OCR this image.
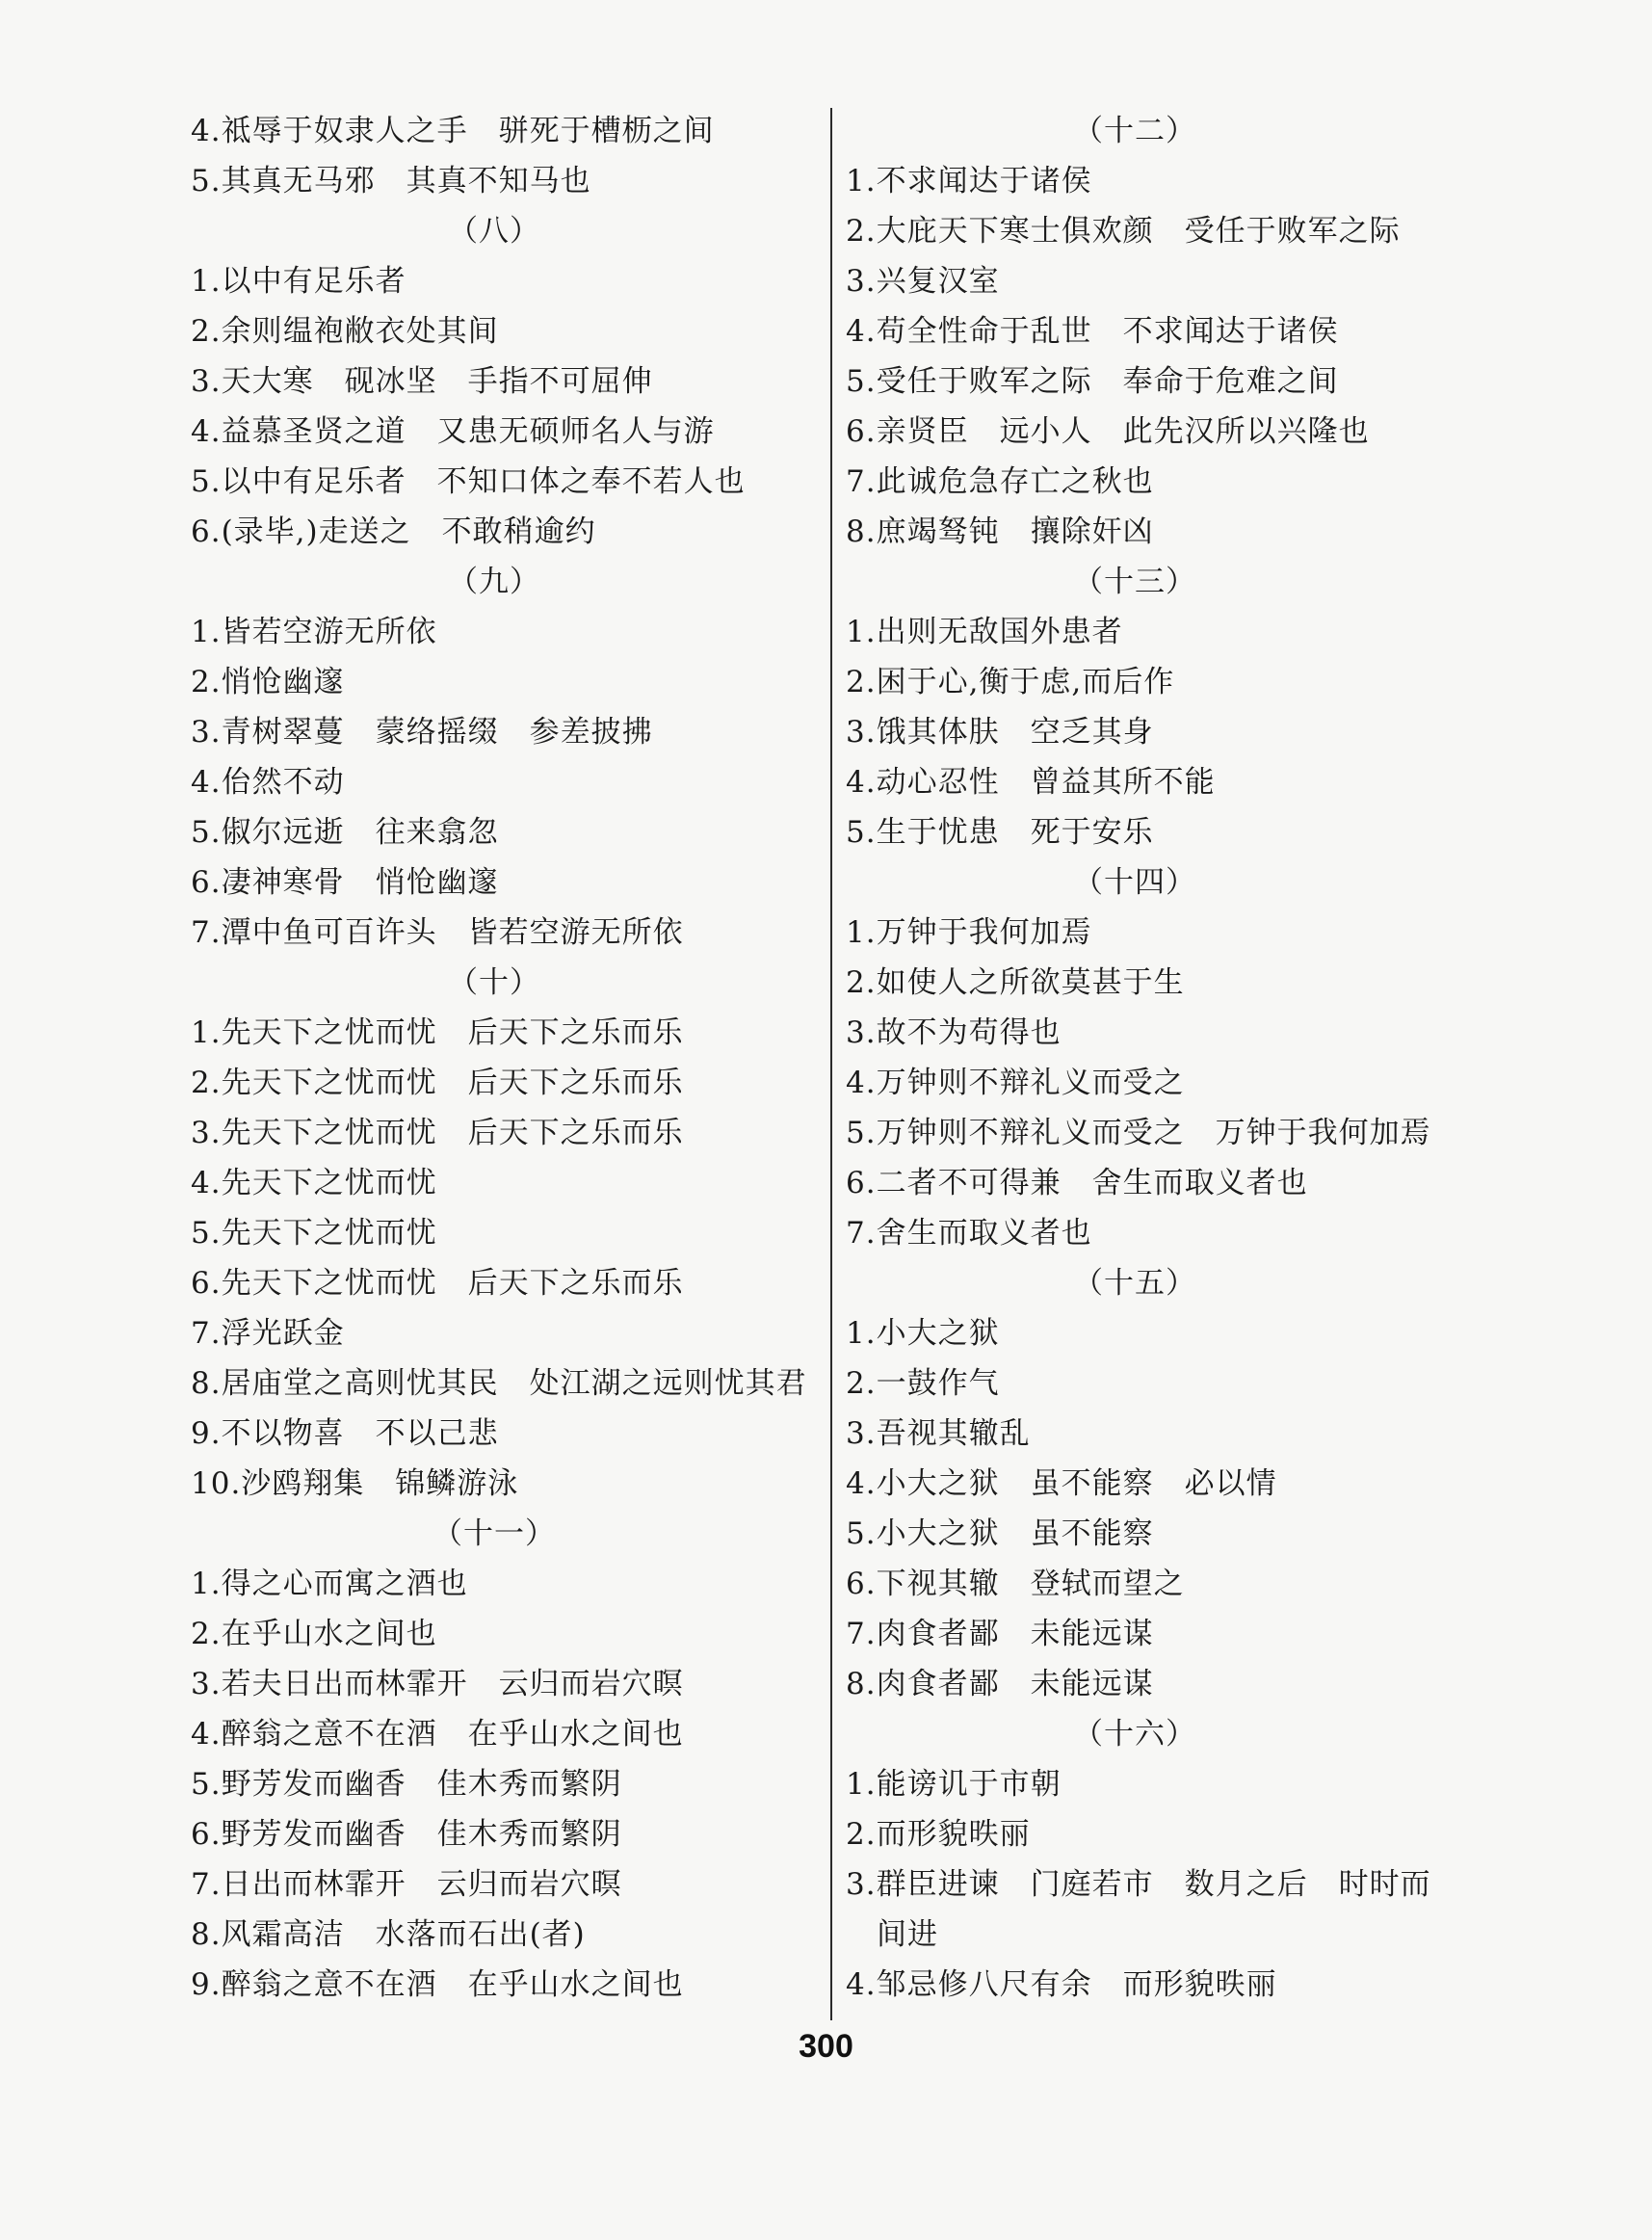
4.祗辱于奴隶人之手　骈死于槽枥之间
5.其真无马邪　其真不知马也
（八）
1.以中有足乐者
2.余则缊袍敝衣处其间
3.天大寒　砚冰坚　手指不可屈伸
4.益慕圣贤之道　又患无硕师名人与游
5.以中有足乐者　不知口体之奉不若人也
6.(录毕,)走送之　不敢稍逾约
（九）
1.皆若空游无所依
2.悄怆幽邃
3.青树翠蔓　蒙络摇缀　参差披拂
4.佁然不动
5.俶尔远逝　往来翕忽
6.凄神寒骨　悄怆幽邃
7.潭中鱼可百许头　皆若空游无所依
（十）
1.先天下之忧而忧　后天下之乐而乐
2.先天下之忧而忧　后天下之乐而乐
3.先天下之忧而忧　后天下之乐而乐
4.先天下之忧而忧
5.先天下之忧而忧
6.先天下之忧而忧　后天下之乐而乐
7.浮光跃金
8.居庙堂之高则忧其民　处江湖之远则忧其君
9.不以物喜　不以己悲
10.沙鸥翔集　锦鳞游泳
（十一）
1.得之心而寓之酒也
2.在乎山水之间也
3.若夫日出而林霏开　云归而岩穴暝
4.醉翁之意不在酒　在乎山水之间也
5.野芳发而幽香　佳木秀而繁阴
6.野芳发而幽香　佳木秀而繁阴
7.日出而林霏开　云归而岩穴暝
8.风霜高洁　水落而石出(者)
9.醉翁之意不在酒　在乎山水之间也
（十二）
1.不求闻达于诸侯
2.大庇天下寒士俱欢颜　受任于败军之际
3.兴复汉室
4.苟全性命于乱世　不求闻达于诸侯
5.受任于败军之际　奉命于危难之间
6.亲贤臣　远小人　此先汉所以兴隆也
7.此诚危急存亡之秋也
8.庶竭驽钝　攘除奸凶
（十三）
1.出则无敌国外患者
2.困于心,衡于虑,而后作
3.饿其体肤　空乏其身
4.动心忍性　曾益其所不能
5.生于忧患　死于安乐
（十四）
1.万钟于我何加焉
2.如使人之所欲莫甚于生
3.故不为苟得也
4.万钟则不辩礼义而受之
5.万钟则不辩礼义而受之　万钟于我何加焉
6.二者不可得兼　舍生而取义者也
7.舍生而取义者也
（十五）
1.小大之狱
2.一鼓作气
3.吾视其辙乱
4.小大之狱　虽不能察　必以情
5.小大之狱　虽不能察
6.下视其辙　登轼而望之
7.肉食者鄙　未能远谋
8.肉食者鄙　未能远谋
（十六）
1.能谤讥于市朝
2.而形貌昳丽
3.群臣进谏　门庭若市　数月之后　时时而
　间进
4.邹忌修八尺有余　而形貌昳丽
300
